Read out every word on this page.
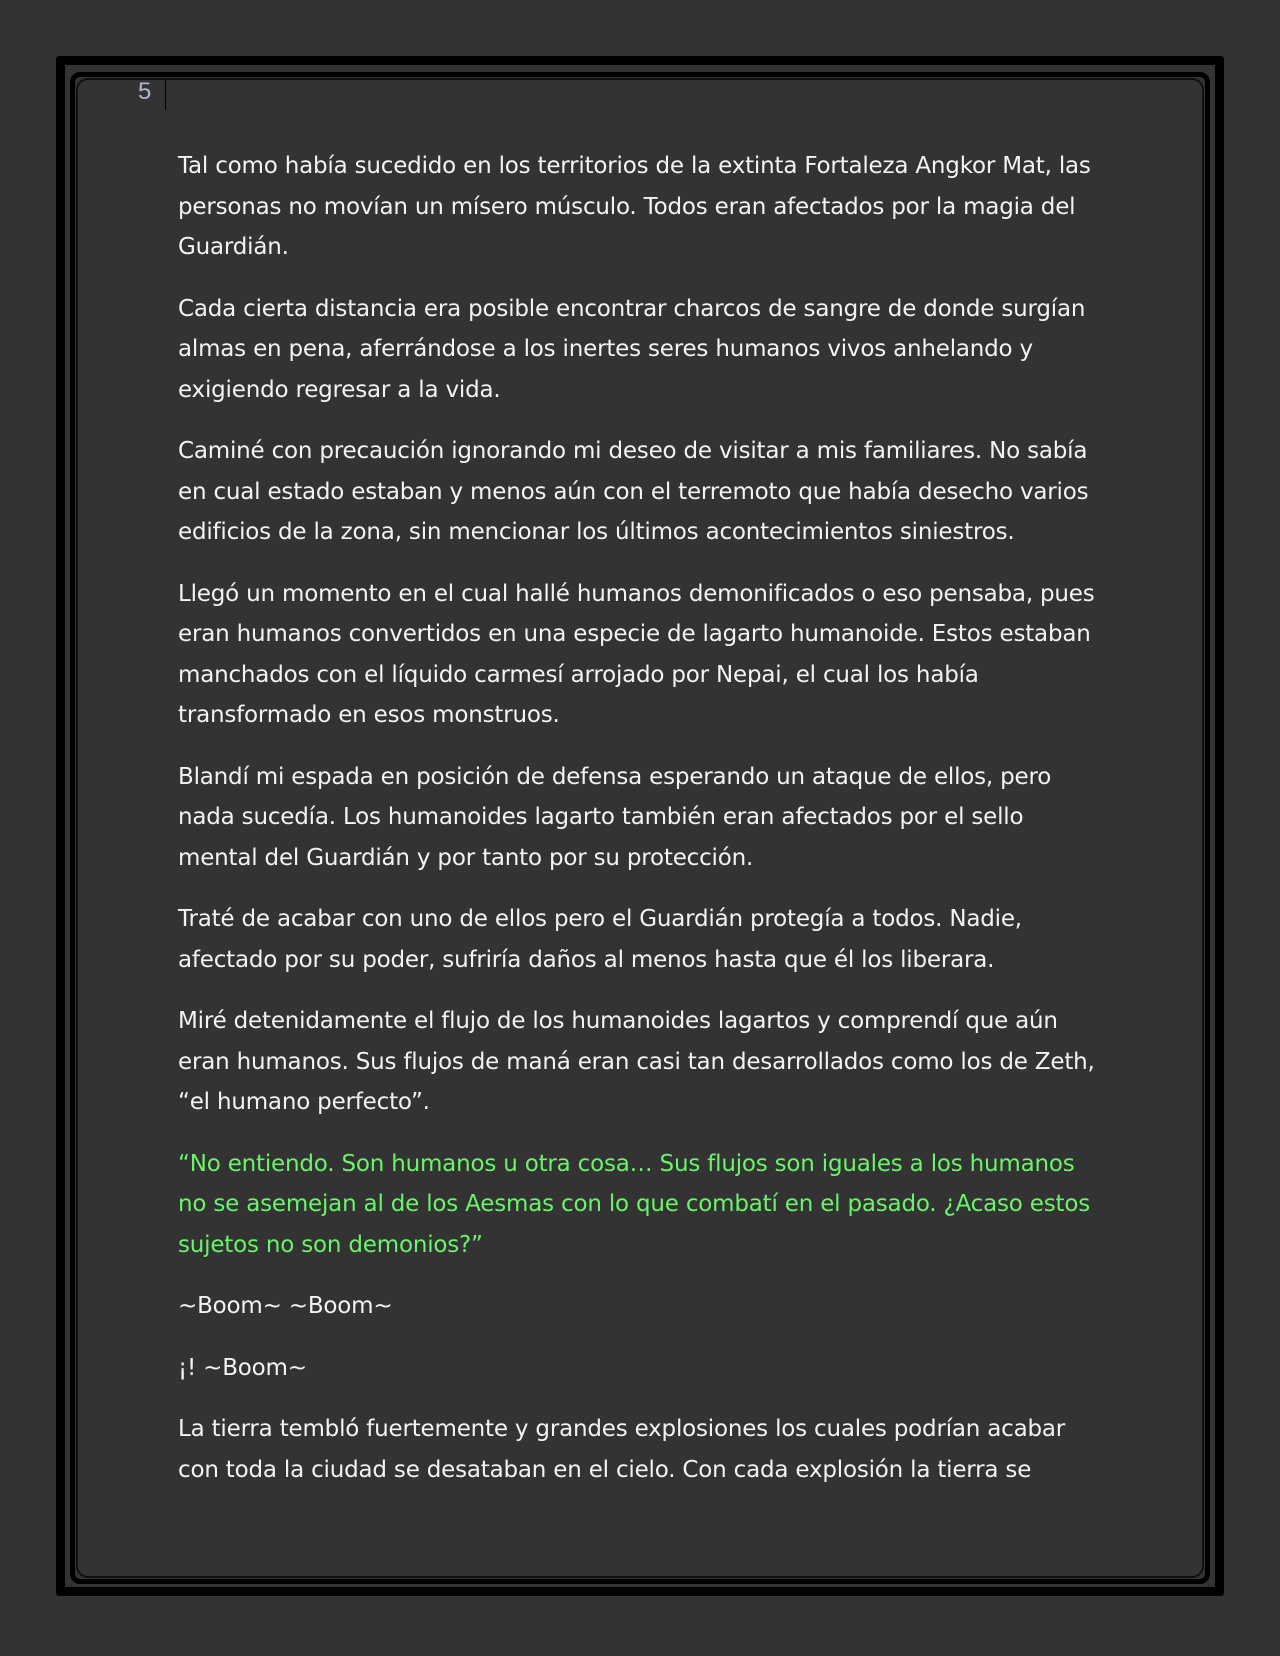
5

Tal como había sucedido en los territorios de la extinta Fortaleza Angkor Mat, las personas no movían un mísero músculo. Todos eran afectados por la magia del Guardián.

Cada cierta distancia era posible encontrar charcos de sangre de donde surgían almas en pena, aferrándose a los inertes seres humanos vivos anhelando y exigiendo regresar a la vida.

Caminé con precaución ignorando mi deseo de visitar a mis familiares. No sabía en cual estado estaban y menos aún con el terremoto que había desecho varios edificios de la zona, sin mencionar los últimos acontecimientos siniestros.

Llegó un momento en el cual hallé humanos demonificados o eso pensaba, pues eran humanos convertidos en una especie de lagarto humanoide. Estos estaban manchados con el líquido carmesí arrojado por Nepai, el cual los había transformado en esos monstruos.

Blandí mi espada en posición de defensa esperando un ataque de ellos, pero nada sucedía. Los humanoides lagarto también eran afectados por el sello mental del Guardián y por tanto por su protección.

Traté de acabar con uno de ellos pero el Guardián protegía a todos. Nadie, afectado por su poder, sufriría daños al menos hasta que él los liberara.

Miré detenidamente el flujo de los humanoides lagartos y comprendí que aún eran humanos. Sus flujos de maná eran casi tan desarrollados como los de Zeth, “el humano perfecto”.

“No entiendo. Son humanos u otra cosa… Sus flujos son iguales a los humanos no se asemejan al de los Aesmas con lo que combatí en el pasado. ¿Acaso estos sujetos no son demonios?”

~Boom~ ~Boom~

¡! ~Boom~

La tierra tembló fuertemente y grandes explosiones los cuales podrían acabar con toda la ciudad se desataban en el cielo. Con cada explosión la tierra se
